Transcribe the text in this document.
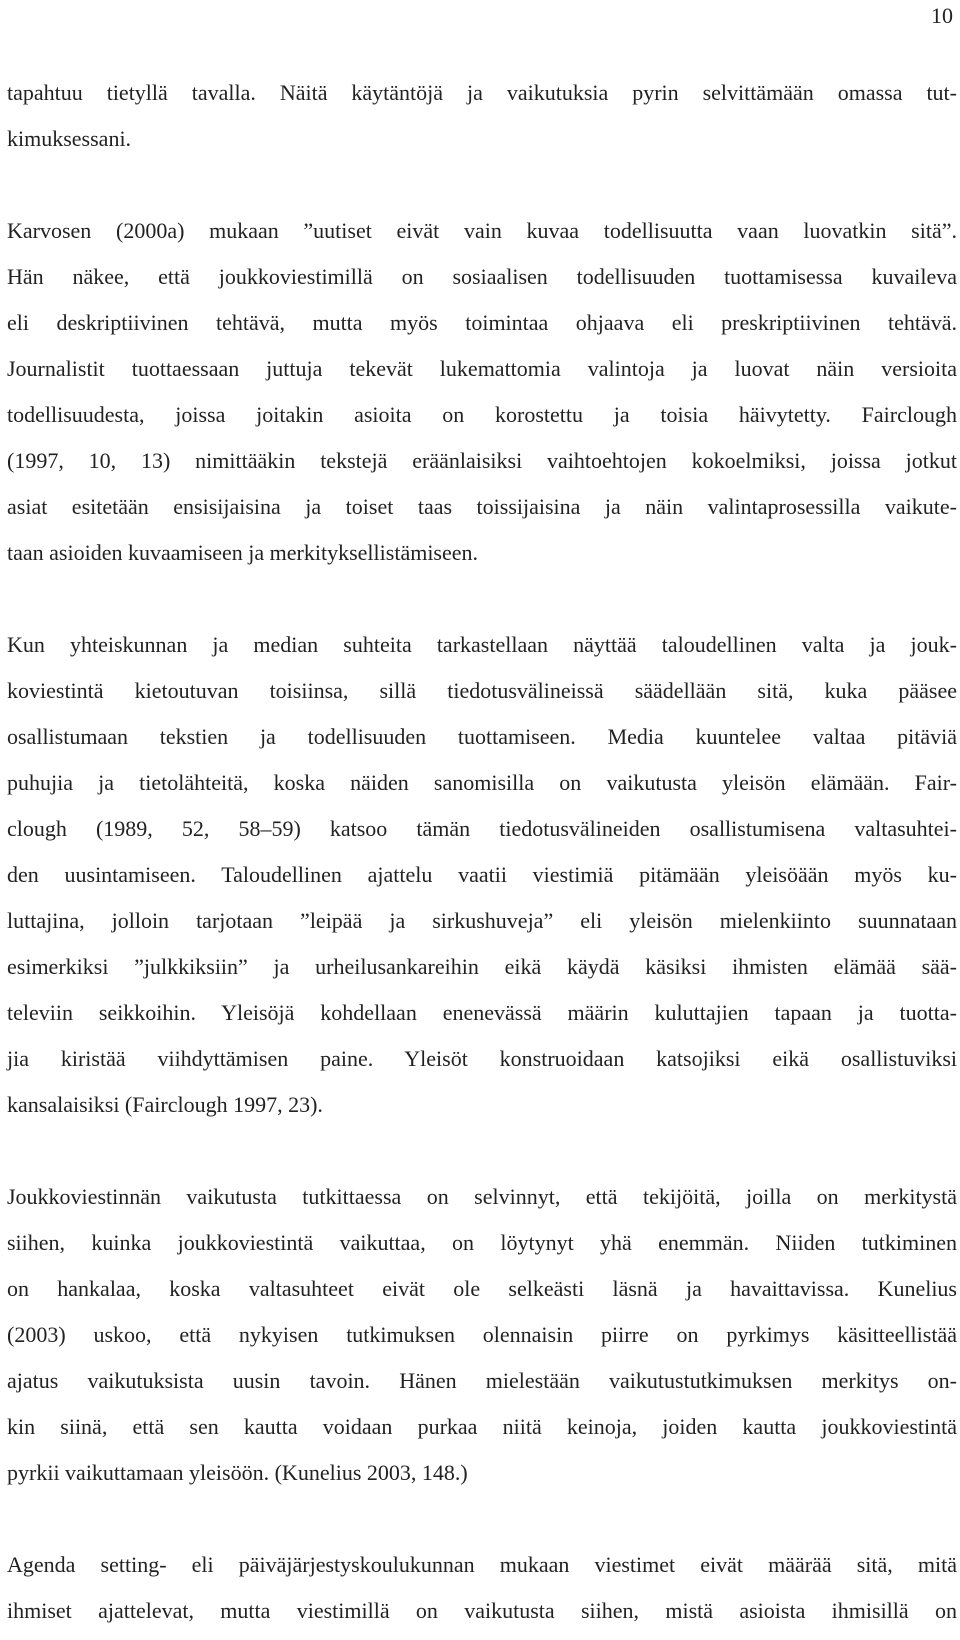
10

tapahtuu tietyllä tavalla. Näitä käytäntöjä ja vaikutuksia pyrin selvittämään omassa tut-
kimuksessani.

Karvosen (2000a) mukaan ”uutiset eivät vain kuvaa todellisuutta vaan luovatkin sitä”.
Hän näkee, että joukkoviestimillä on sosiaalisen todellisuuden tuottamisessa kuvaileva
eli deskriptiivinen tehtävä, mutta myös toimintaa ohjaava eli preskriptiivinen tehtävä.
Journalistit tuottaessaan juttuja tekevät lukemattomia valintoja ja luovat näin versioita
todellisuudesta, joissa joitakin asioita on korostettu ja toisia häivytetty. Fairclough
(1997, 10, 13) nimittääkin tekstejä eräänlaisiksi vaihtoehtojen kokoelmiksi, joissa jotkut
asiat esitetään ensisijaisina ja toiset taas toissijaisina ja näin valintaprosessilla vaikute-
taan asioiden kuvaamiseen ja merkityksellistämiseen.

Kun yhteiskunnan ja median suhteita tarkastellaan näyttää taloudellinen valta ja jouk-
koviestintä kietoutuvan toisiinsa, sillä tiedotusvälineissä säädellään sitä, kuka pääsee
osallistumaan tekstien ja todellisuuden tuottamiseen. Media kuuntelee valtaa pitäviä
puhujia ja tietolähteitä, koska näiden sanomisilla on vaikutusta yleisön elämään. Fair-
clough (1989, 52, 58–59) katsoo tämän tiedotusvälineiden osallistumisena valtasuhtei-
den uusintamiseen. Taloudellinen ajattelu vaatii viestimiä pitämään yleisöään myös ku-
luttajina, jolloin tarjotaan ”leipää ja sirkushuveja” eli yleisön mielenkiinto suunnataan
esimerkiksi ”julkkiksiin” ja urheilusankareihin eikä käydä käsiksi ihmisten elämää sää-
televiin seikkoihin. Yleisöjä kohdellaan enenevässä määrin kuluttajien tapaan ja tuotta-
jia kiristää viihdyttämisen paine. Yleisöt konstruoidaan katsojiksi eikä osallistuviksi
kansalaisiksi (Fairclough 1997, 23).

Joukkoviestinnän vaikutusta tutkittaessa on selvinnyt, että tekijöitä, joilla on merkitystä
siihen, kuinka joukkoviestintä vaikuttaa, on löytynyt yhä enemmän. Niiden tutkiminen
on hankalaa, koska valtasuhteet eivät ole selkeästi läsnä ja havaittavissa. Kunelius
(2003) uskoo, että nykyisen tutkimuksen olennaisin piirre on pyrkimys käsitteellistää
ajatus vaikutuksista uusin tavoin. Hänen mielestään vaikutustutkimuksen merkitys on-
kin siinä, että sen kautta voidaan purkaa niitä keinoja, joiden kautta joukkoviestintä
pyrkii vaikuttamaan yleisöön. (Kunelius 2003, 148.)

Agenda setting- eli päiväjärjestyskoulukunnan mukaan viestimet eivät määrää sitä, mitä
ihmiset ajattelevat, mutta viestimillä on vaikutusta siihen, mistä asioista ihmisillä on
